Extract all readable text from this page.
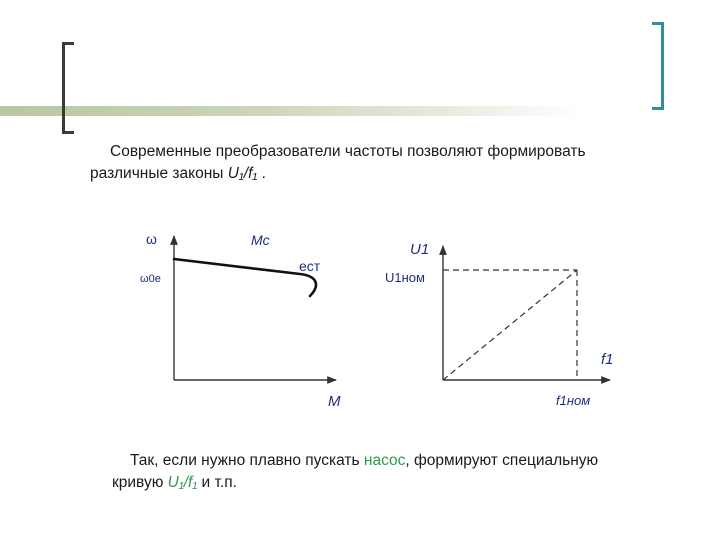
Современные преобразователи частоты позволяют формировать
различные законы U₁/f₁ .
ω
ω0e
Mc
ест
M
U1
U1ном
f1
f1ном
Так, если нужно плавно пускать насос, формируют специальную
кривую U₁/f₁ и т.п.
